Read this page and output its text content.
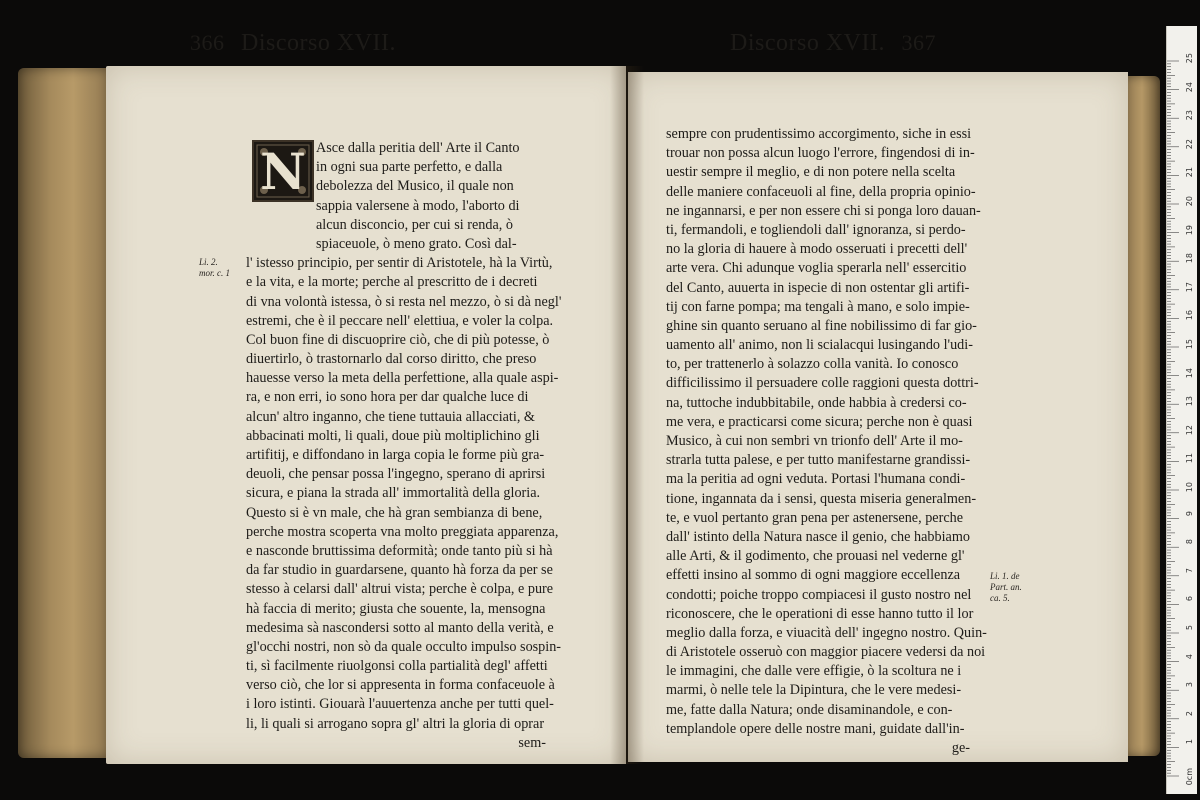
366 Discorso XVII.	Discorso XVII. 367
N
Li. 2.
mor. c. 1
Asce dalla peritia dell' Arte il Canto
in ogni sua parte perfetto, e dalla
debolezza del Musico, il quale non
sappia valersene à modo, l'aborto di
alcun disconcio, per cui si renda, ò
spiaceuole, ò meno grato. Così dal-
l' istesso principio, per sentir di Aristotele, hà la Virtù,
e la vita, e la morte; perche al prescritto de i decreti
di vna volontà istessa, ò si resta nel mezzo, ò si dà negl'
estremi, che è il peccare nell' elettiua, e voler la colpa.
Col buon fine di discuoprire ciò, che di più potesse, ò
diuertirlo, ò trastornarlo dal corso diritto, che preso
hauesse verso la meta della perfettione, alla quale aspi-
ra, e non erri, io sono hora per dar qualche luce di
alcun' altro inganno, che tiene tuttauia allacciati, &
abbacinati molti, li quali, doue più moltiplichino gli
artifitij, e diffondano in larga copia le forme più gra-
deuoli, che pensar possa l'ingegno, sperano di aprirsi
sicura, e piana la strada all' immortalità della gloria.
Questo si è vn male, che hà gran sembianza di bene,
perche mostra scoperta vna molto preggiata apparenza,
e nasconde bruttissima deformità; onde tanto più si hà
da far studio in guardarsene, quanto hà forza da per se
stesso à celarsi dall' altrui vista; perche è colpa, e pure
hà faccia di merito; giusta che souente, la, mensogna
medesima sà nascondersi sotto al manto della verità, e
gl'occhi nostri, non sò da quale occulto impulso sospin-
ti, sì facilmente riuolgonsi colla partialità degl' affetti
verso ciò, che lor si appresenta in forma confaceuole à
i loro istinti. Giouarà l'auuertenza anche per tutti quel-
li, li quali si arrogano sopra gl' altri la gloria di oprar
sem-
sempre con prudentissimo accorgimento, siche in essi
trouar non possa alcun luogo l'errore, fingendosi di in-
uestir sempre il meglio, e di non potere nella scelta
delle maniere confaceuoli al fine, della propria opinio-
ne ingannarsi, e per non essere chi si ponga loro dauan-
ti, fermandoli, e togliendoli dall' ignoranza, si perdo-
no la gloria di hauere à modo osseruati i precetti dell'
arte vera. Chi adunque voglia sperarla nell' essercitio
del Canto, auuerta in ispecie di non ostentar gli artifi-
tij con farne pompa; ma tengali à mano, e solo impie-
ghine sin quanto seruano al fine nobilissimo di far gio-
uamento all' animo, non li scialacqui lusingando l'udi-
to, per trattenerlo à solazzo colla vanità. Io conosco
difficilissimo il persuadere colle raggioni questa dottri-
na, tuttoche indubbitabile, onde habbia à credersi co-
me vera, e practicarsi come sicura; perche non è quasi
Musico, à cui non sembri vn trionfo dell' Arte il mo-
strarla tutta palese, e per tutto manifestarne grandissi-
ma la peritia ad ogni veduta. Portasi l'humana condi-
tione, ingannata da i sensi, questa miseria generalmen-
te, e vuol pertanto gran pena per astenersene, perche
dall' istinto della Natura nasce il genio, che habbiamo
alle Arti, & il godimento, che prouasi nel vederne gl'
effetti insino al sommo di ogni maggiore eccellenza
condotti; poiche troppo compiacesi il gusto nostro nel
riconoscere, che le operationi di esse hanno tutto il lor
meglio dalla forza, e viuacità dell' ingegno nostro. Quin-
di Aristotele osseruò con maggior piacere vedersi da noi
le immagini, che dalle vere effigie, ò la scoltura ne i
marmi, ò nelle tele la Dipintura, che le vere medesi-
me, fatte dalla Natura; onde disaminandole, e con-
templandole opere delle nostre mani, guidate dall'in-
ge-
Li. 1. de
Part. an.
ca. 5.
0cm
1
2
3
4
5
6
7
8
9
10
11
12
13
14
15
16
17
18
19
20
21
22
23
24
25
